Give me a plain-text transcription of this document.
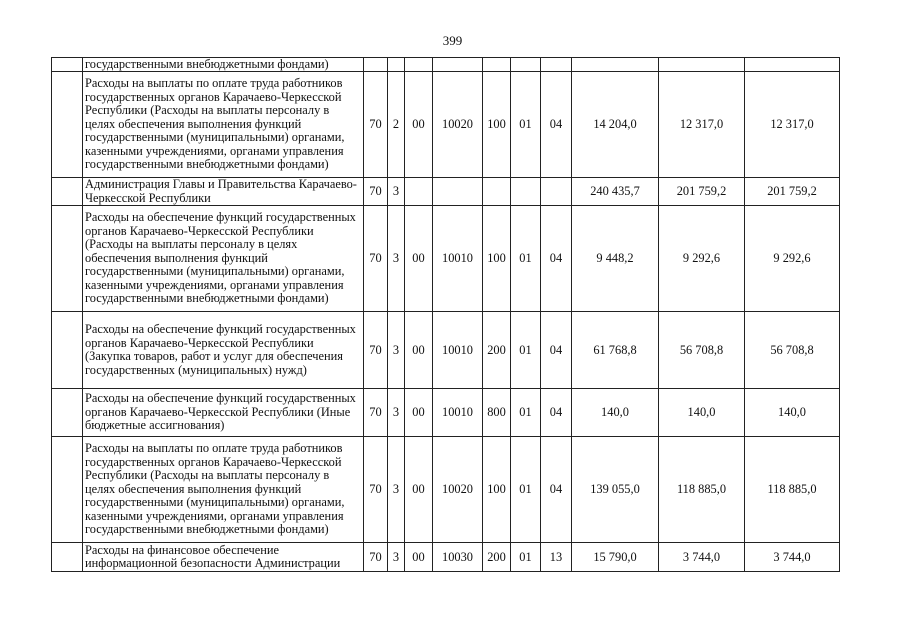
399
	государственными внебюджетными фондами)										
	Расходы на выплаты по оплате труда работников государственных органов Карачаево-Черкесской Республики (Расходы на выплаты персоналу в целях обеспечения выполнения функций государственными (муниципальными) органами, казенными учреждениями, органами управления государственными внебюджетными фондами)	70	2	00	10020	100	01	04	14 204,0	12 317,0	12 317,0
	Администрация Главы и Правительства Карачаево-Черкесской Республики	70	3						240 435,7	201 759,2	201 759,2
	Расходы на обеспечение функций государственных органов Карачаево-Черкесской Республики (Расходы на выплаты персоналу в целях обеспечения выполнения функций государственными (муниципальными) органами, казенными учреждениями, органами управления государственными внебюджетными фондами)	70	3	00	10010	100	01	04	9 448,2	9 292,6	9 292,6
	Расходы на обеспечение функций государственных органов Карачаево-Черкесской Республики (Закупка товаров, работ и услуг для обеспечения государственных (муниципальных) нужд)	70	3	00	10010	200	01	04	61 768,8	56 708,8	56 708,8
	Расходы на обеспечение функций государственных органов Карачаево-Черкесской Республики (Иные бюджетные ассигнования)	70	3	00	10010	800	01	04	140,0	140,0	140,0
	Расходы на выплаты по оплате труда работников государственных органов Карачаево-Черкесской Республики (Расходы на выплаты персоналу в целях обеспечения выполнения функций государственными (муниципальными) органами, казенными учреждениями, органами управления государственными внебюджетными фондами)	70	3	00	10020	100	01	04	139 055,0	118 885,0	118 885,0
	Расходы на финансовое обеспечение информационной безопасности Администрации	70	3	00	10030	200	01	13	15 790,0	3 744,0	3 744,0
